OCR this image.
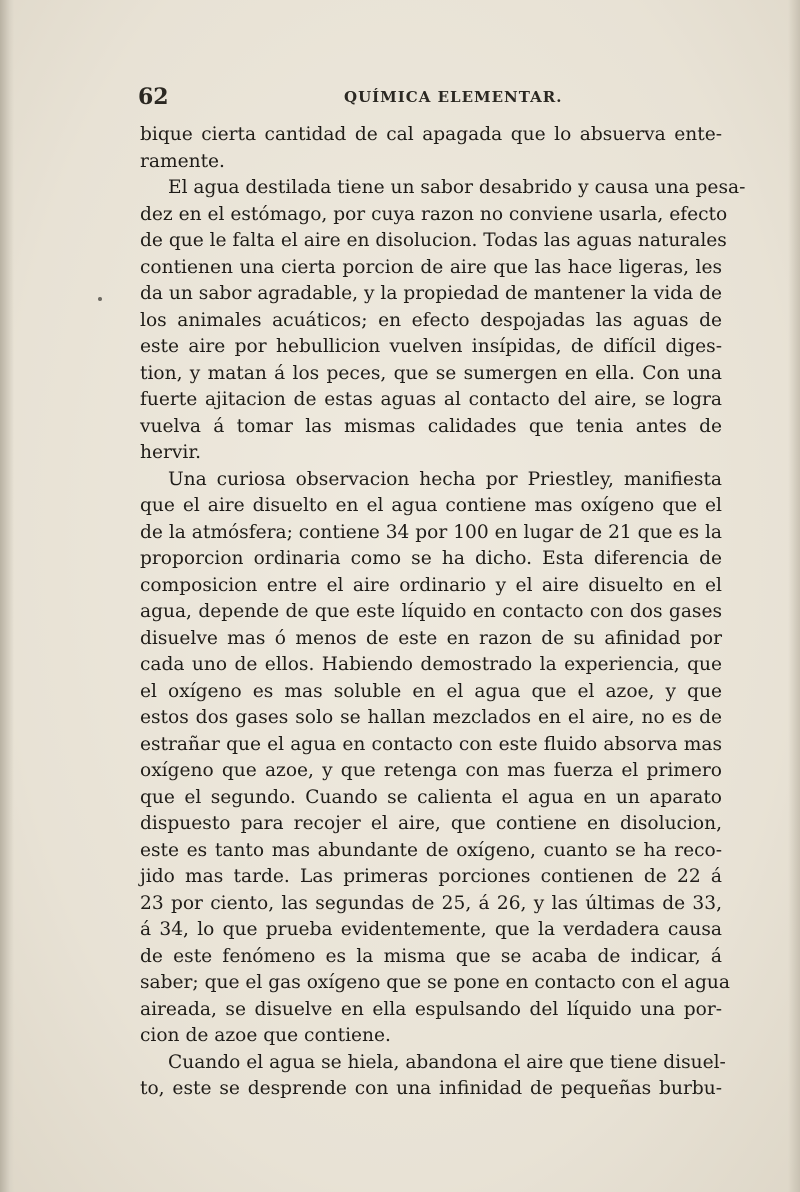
62	QUÍMICA ELEMENTAR.
bique cierta cantidad de cal apagada que lo absuerva ente-
ramente.
El agua destilada tiene un sabor desabrido y causa una pesa-
dez en el estómago, por cuya razon no conviene usarla, efecto
de que le falta el aire en disolucion. Todas las aguas naturales
contienen una cierta porcion de aire que las hace ligeras, les
da un sabor agradable, y la propiedad de mantener la vida de
los animales acuáticos; en efecto despojadas las aguas de
este aire por hebullicion vuelven insípidas, de difícil diges-
tion, y matan á los peces, que se sumergen en ella. Con una
fuerte ajitacion de estas aguas al contacto del aire, se logra
vuelva á tomar las mismas calidades que tenia antes de
hervir.
Una curiosa observacion hecha por Priestley, manifiesta
que el aire disuelto en el agua contiene mas oxígeno que el
de la atmósfera; contiene 34 por 100 en lugar de 21 que es la
proporcion ordinaria como se ha dicho. Esta diferencia de
composicion entre el aire ordinario y el aire disuelto en el
agua, depende de que este líquido en contacto con dos gases
disuelve mas ó menos de este en razon de su afinidad por
cada uno de ellos. Habiendo demostrado la experiencia, que
el oxígeno es mas soluble en el agua que el azoe, y que
estos dos gases solo se hallan mezclados en el aire, no es de
estrañar que el agua en contacto con este fluido absorva mas
oxígeno que azoe, y que retenga con mas fuerza el primero
que el segundo. Cuando se calienta el agua en un aparato
dispuesto para recojer el aire, que contiene en disolucion,
este es tanto mas abundante de oxígeno, cuanto se ha reco-
jido mas tarde. Las primeras porciones contienen de 22 á
23 por ciento, las segundas de 25, á 26, y las últimas de 33,
á 34, lo que prueba evidentemente, que la verdadera causa
de este fenómeno es la misma que se acaba de indicar, á
saber; que el gas oxígeno que se pone en contacto con el agua
aireada, se disuelve en ella espulsando del líquido una por-
cion de azoe que contiene.
Cuando el agua se hiela, abandona el aire que tiene disuel-
to, este se desprende con una infinidad de pequeñas burbu-
